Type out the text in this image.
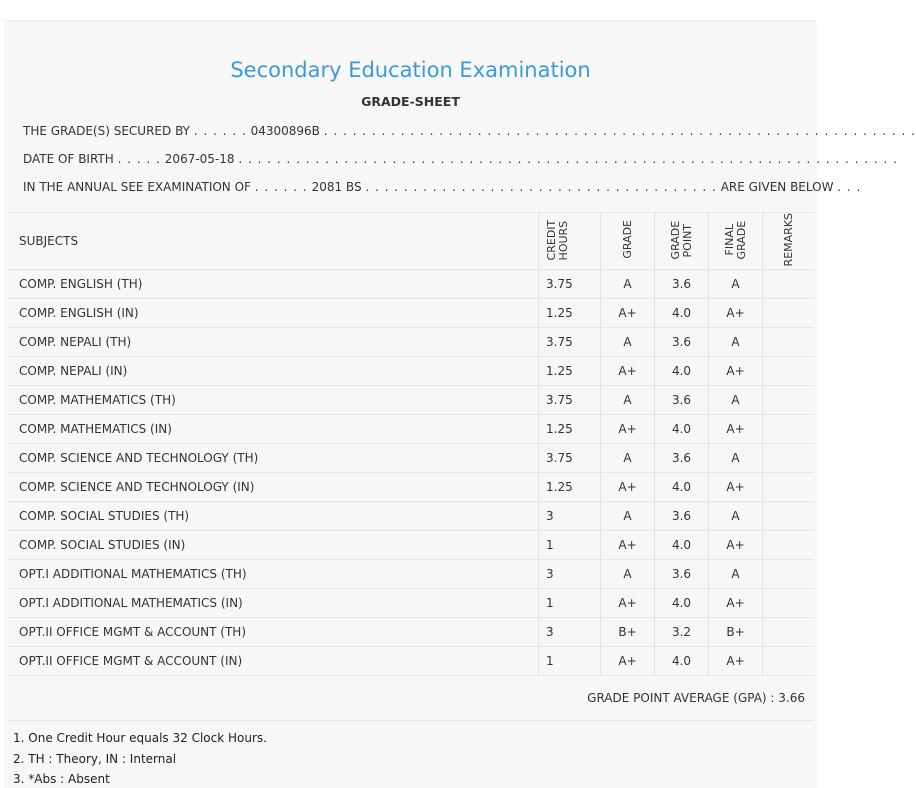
Secondary Education Examination
GRADE-SHEET
THE GRADE(S) SECURED BY . . . . . . 04300896B . . . . . . . . . . . . . . . . . . . . . . . . . . . . . . . . . . . . . . . . . . . . . . . . . . . . . . . . . . . . . .
DATE OF BIRTH . . . . . 2067-05-18 . . . . . . . . . . . . . . . . . . . . . . . . . . . . . . . . . . . . . . . . . . . . . . . . . . . . . . . . . . . . . . . . . . . . .
IN THE ANNUAL SEE EXAMINATION OF . . . . . . 2081 BS . . . . . . . . . . . . . . . . . . . . . . . . . . . . . . . . . . . . . ARE GIVEN BELOW . . .
SUBJECTS	CREDIT HOURS	GRADE	GRADE POINT	FINAL GRADE	REMARKS
COMP. ENGLISH (TH)	3.75	A	3.6	A	
COMP. ENGLISH (IN)	1.25	A+	4.0	A+	
COMP. NEPALI (TH)	3.75	A	3.6	A	
COMP. NEPALI (IN)	1.25	A+	4.0	A+	
COMP. MATHEMATICS (TH)	3.75	A	3.6	A	
COMP. MATHEMATICS (IN)	1.25	A+	4.0	A+	
COMP. SCIENCE AND TECHNOLOGY (TH)	3.75	A	3.6	A	
COMP. SCIENCE AND TECHNOLOGY (IN)	1.25	A+	4.0	A+	
COMP. SOCIAL STUDIES (TH)	3	A	3.6	A	
COMP. SOCIAL STUDIES (IN)	1	A+	4.0	A+	
OPT.I ADDITIONAL MATHEMATICS (TH)	3	A	3.6	A	
OPT.I ADDITIONAL MATHEMATICS (IN)	1	A+	4.0	A+	
OPT.II OFFICE MGMT & ACCOUNT (TH)	3	B+	3.2	B+	
OPT.II OFFICE MGMT & ACCOUNT (IN)	1	A+	4.0	A+	
GRADE POINT AVERAGE (GPA) : 3.66
1. One Credit Hour equals 32 Clock Hours.
2. TH : Theory, IN : Internal
3. *Abs : Absent
